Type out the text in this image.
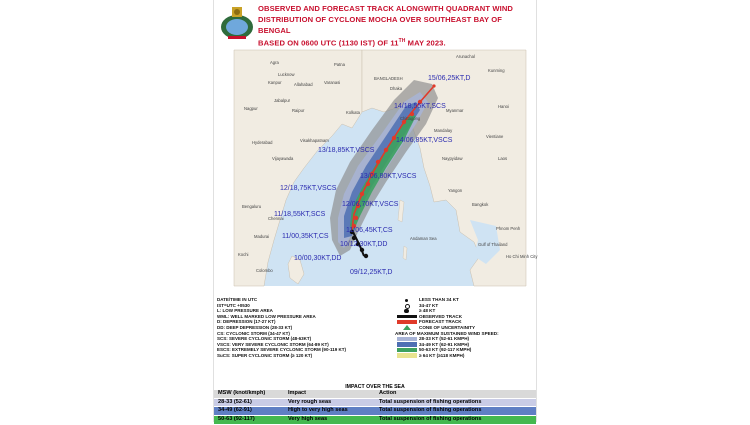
OBSERVED AND FORECAST TRACK ALONGWITH QUADRANT WIND
DISTRIBUTION OF CYCLONE MOCHA OVER SOUTHEAST BAY OF BENGAL
BASED ON 0600 UTC (1130 IST) OF 11TH MAY 2023.
15/06,25KT,D
14/18,55KT,SCS
14/06,85KT,VSCS
13/18,85KT,VSCS
13/06,80KT,VSCS
12/18,75KT,VSCS
12/06,70KT,VSCS
11/18,55KT,SCS
11/06,45KT,CS
11/00,35KT,CS
10/12,30KT,DD
10/00,30KT,DD
09/12,25KT,D
Agra
Lucknow
Patna
Kanpur	Allahabad	Varanasi
Jabalpur
Raipur
Nagpur
Hyderabad
Vijayawada
Chennai
Bengaluru
Kochi
Madurai
Visakhapatnam
Kolkata
Dhaka
Chittagong
Mandalay
Naypyidaw
Yangon
Bangkok
Ho Chi Minh City
Phnom Penh
Vientiane
Colombo
Andaman Sea
Gulf of Thailand
BANGLADESH
Myanmar
Laos
Hanoi
Kunming
Arunachal
DATE/TIME IN UTC
IST=UTC +0530
L: LOW PRESSURE AREA
WML: WELL MARKED LOW PRESSURE AREA
D: DEPRESSION (17-27 KT)
DD: DEEP DEPRESSION (28-33 KT)
CS: CYCLONIC STORM (34-47 KT)
SCS: SEVERE CYCLONIC STORM (48-63KT)
VSCS: VERY SEVERE CYCLONIC STORM (64-89 KT)
ESCS: EXTREMELY SEVERE CYCLONIC STORM (90-119 KT)
SuCS: SUPER CYCLONIC STORM (≥ 120 KT)
LESS THAN 34 KT
34-47 KT
≥ 48 KT
OBSERVED TRACK
FORECAST TRACK
CONE OF UNCERTAINITY
AREA OF MAXIMUM SUSTAINED WIND SPEED:
28-33 KT (52-61 KMPH)
34-49 KT (62-91 KMPH)
50-63 KT (92-117 KMPH)
≥ 64 KT (≥118 KMPH)
IMPACT OVER THE SEA
MSW (knot/kmph)	Impact	Action
28-33 (52-61)	Very rough seas	Total suspension of fishing operations
34-49 (62-91)	High to very high seas	Total suspension of fishing operations
50-63 (92-117)	Very high seas	Total suspension of fishing operations
